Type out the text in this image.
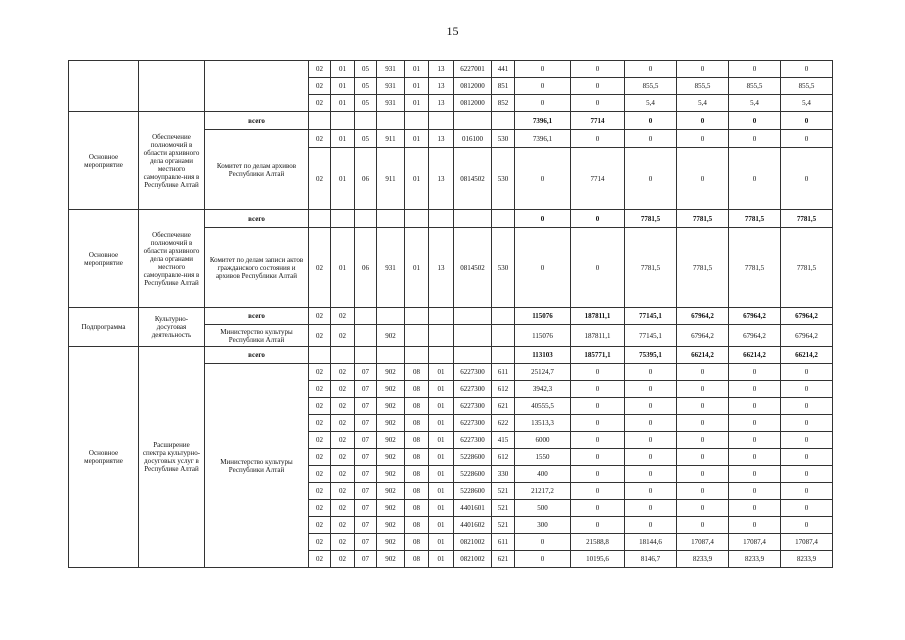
15
			02	01	05	931	01	13	6227001	441	0	0	0	0	0	0
			02	01	05	931	01	13	0812000	851	0	0	855,5	855,5	855,5	855,5
			02	01	05	931	01	13	0812000	852	0	0	5,4	5,4	5,4	5,4
Основное мероприятие	Обеспечение полномочий в области архивного дела органами местного самоуправле-ния в Республике Алтай	всего									7396,1	7714	0	0	0	0
		Комитет по делам архивов Республики Алтай	02	01	05	911	01	13	016100	530	7396,1	0	0	0	0	0
			02	01	06	911	01	13	0814502	530	0	7714	0	0	0	0
Основное мероприятие	Обеспечение полномочий в области архивного дела органами местного самоуправле-ния в Республике Алтай	всего									0	0	7781,5	7781,5	7781,5	7781,5
		Комитет по делам записи актов гражданского состояния и архивов Республики Алтай	02	01	06	931	01	13	0814502	530	0	0	7781,5	7781,5	7781,5	7781,5
Подпрограмма	Культурно-досуговая деятельность	всего	02	02							115076	187811,1	77145,1	67964,2	67964,2	67964,2
		Министерство культуры Республики Алтай	02	02		902					115076	187811,1	77145,1	67964,2	67964,2	67964,2
Основное мероприятие	Расширение спектра культурно-досуговых услуг в Республике Алтай	всего									113103	185771,1	75395,1	66214,2	66214,2	66214,2
		Министерство культуры Республики Алтай	02	02	07	902	08	01	6227300	611	25124,7	0	0	0	0	0
			02	02	07	902	08	01	6227300	612	3942,3	0	0	0	0	0
			02	02	07	902	08	01	6227300	621	40555,5	0	0	0	0	0
			02	02	07	902	08	01	6227300	622	13513,3	0	0	0	0	0
			02	02	07	902	08	01	6227300	415	6000	0	0	0	0	0
			02	02	07	902	08	01	5228600	612	1550	0	0	0	0	0
			02	02	07	902	08	01	5228600	330	400	0	0	0	0	0
			02	02	07	902	08	01	5228600	521	21217,2	0	0	0	0	0
			02	02	07	902	08	01	4401601	521	500	0	0	0	0	0
			02	02	07	902	08	01	4401602	521	300	0	0	0	0	0
			02	02	07	902	08	01	0821002	611	0	21588,8	18144,6	17087,4	17087,4	17087,4
			02	02	07	902	08	01	0821002	621	0	10195,6	8146,7	8233,9	8233,9	8233,9
